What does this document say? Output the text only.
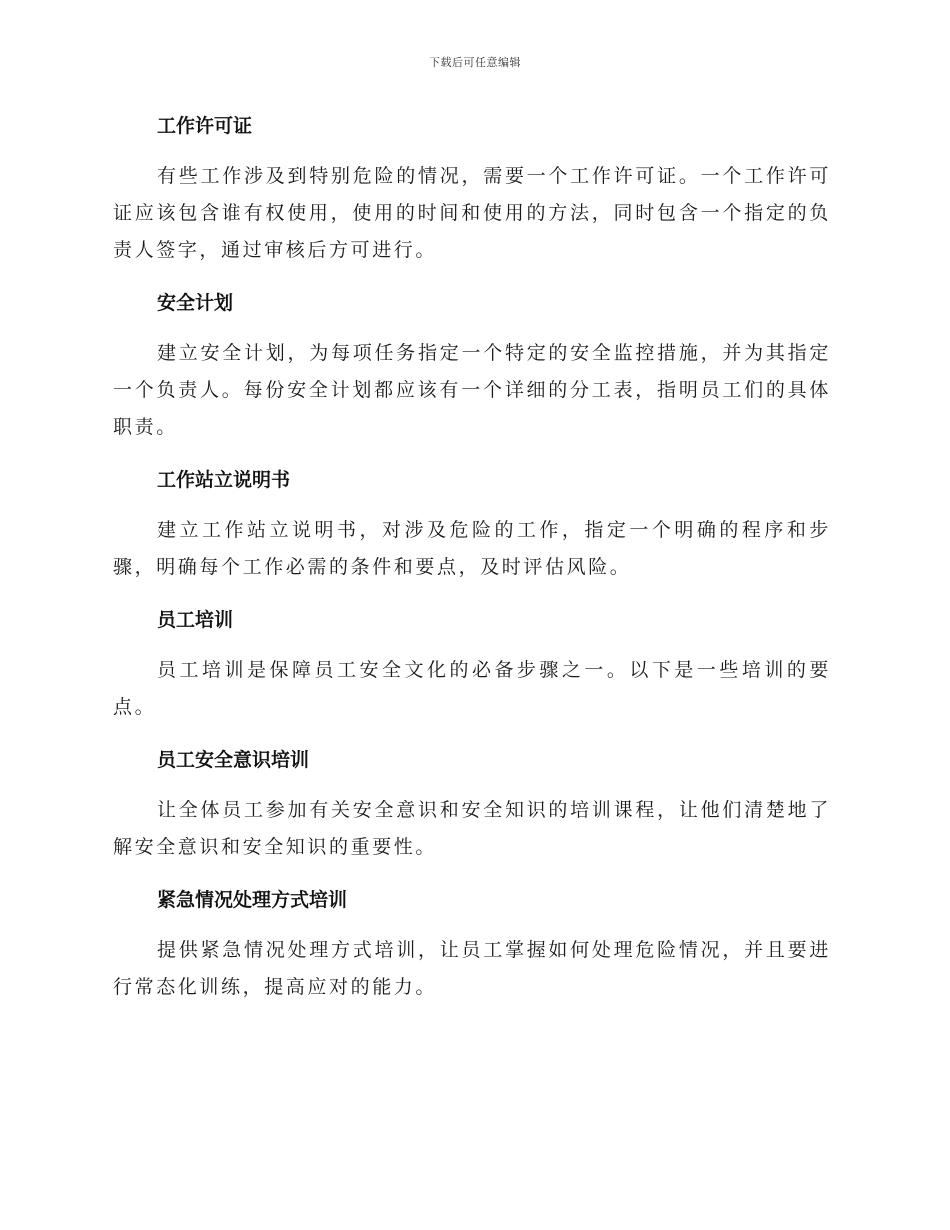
下载后可任意编辑
工作许可证

有些工作涉及到特别危险的情况，需要一个工作许可证。一个工作许可证应该包含谁有权使用，使用的时间和使用的方法，同时包含一个指定的负责人签字，通过审核后方可进行。

安全计划

建立安全计划，为每项任务指定一个特定的安全监控措施，并为其指定一个负责人。每份安全计划都应该有一个详细的分工表，指明员工们的具体职责。

工作站立说明书

建立工作站立说明书，对涉及危险的工作，指定一个明确的程序和步骤，明确每个工作必需的条件和要点，及时评估风险。

员工培训

员工培训是保障员工安全文化的必备步骤之一。以下是一些培训的要点。

员工安全意识培训

让全体员工参加有关安全意识和安全知识的培训课程，让他们清楚地了解安全意识和安全知识的重要性。

紧急情况处理方式培训

提供紧急情况处理方式培训，让员工掌握如何处理危险情况，并且要进行常态化训练，提高应对的能力。
